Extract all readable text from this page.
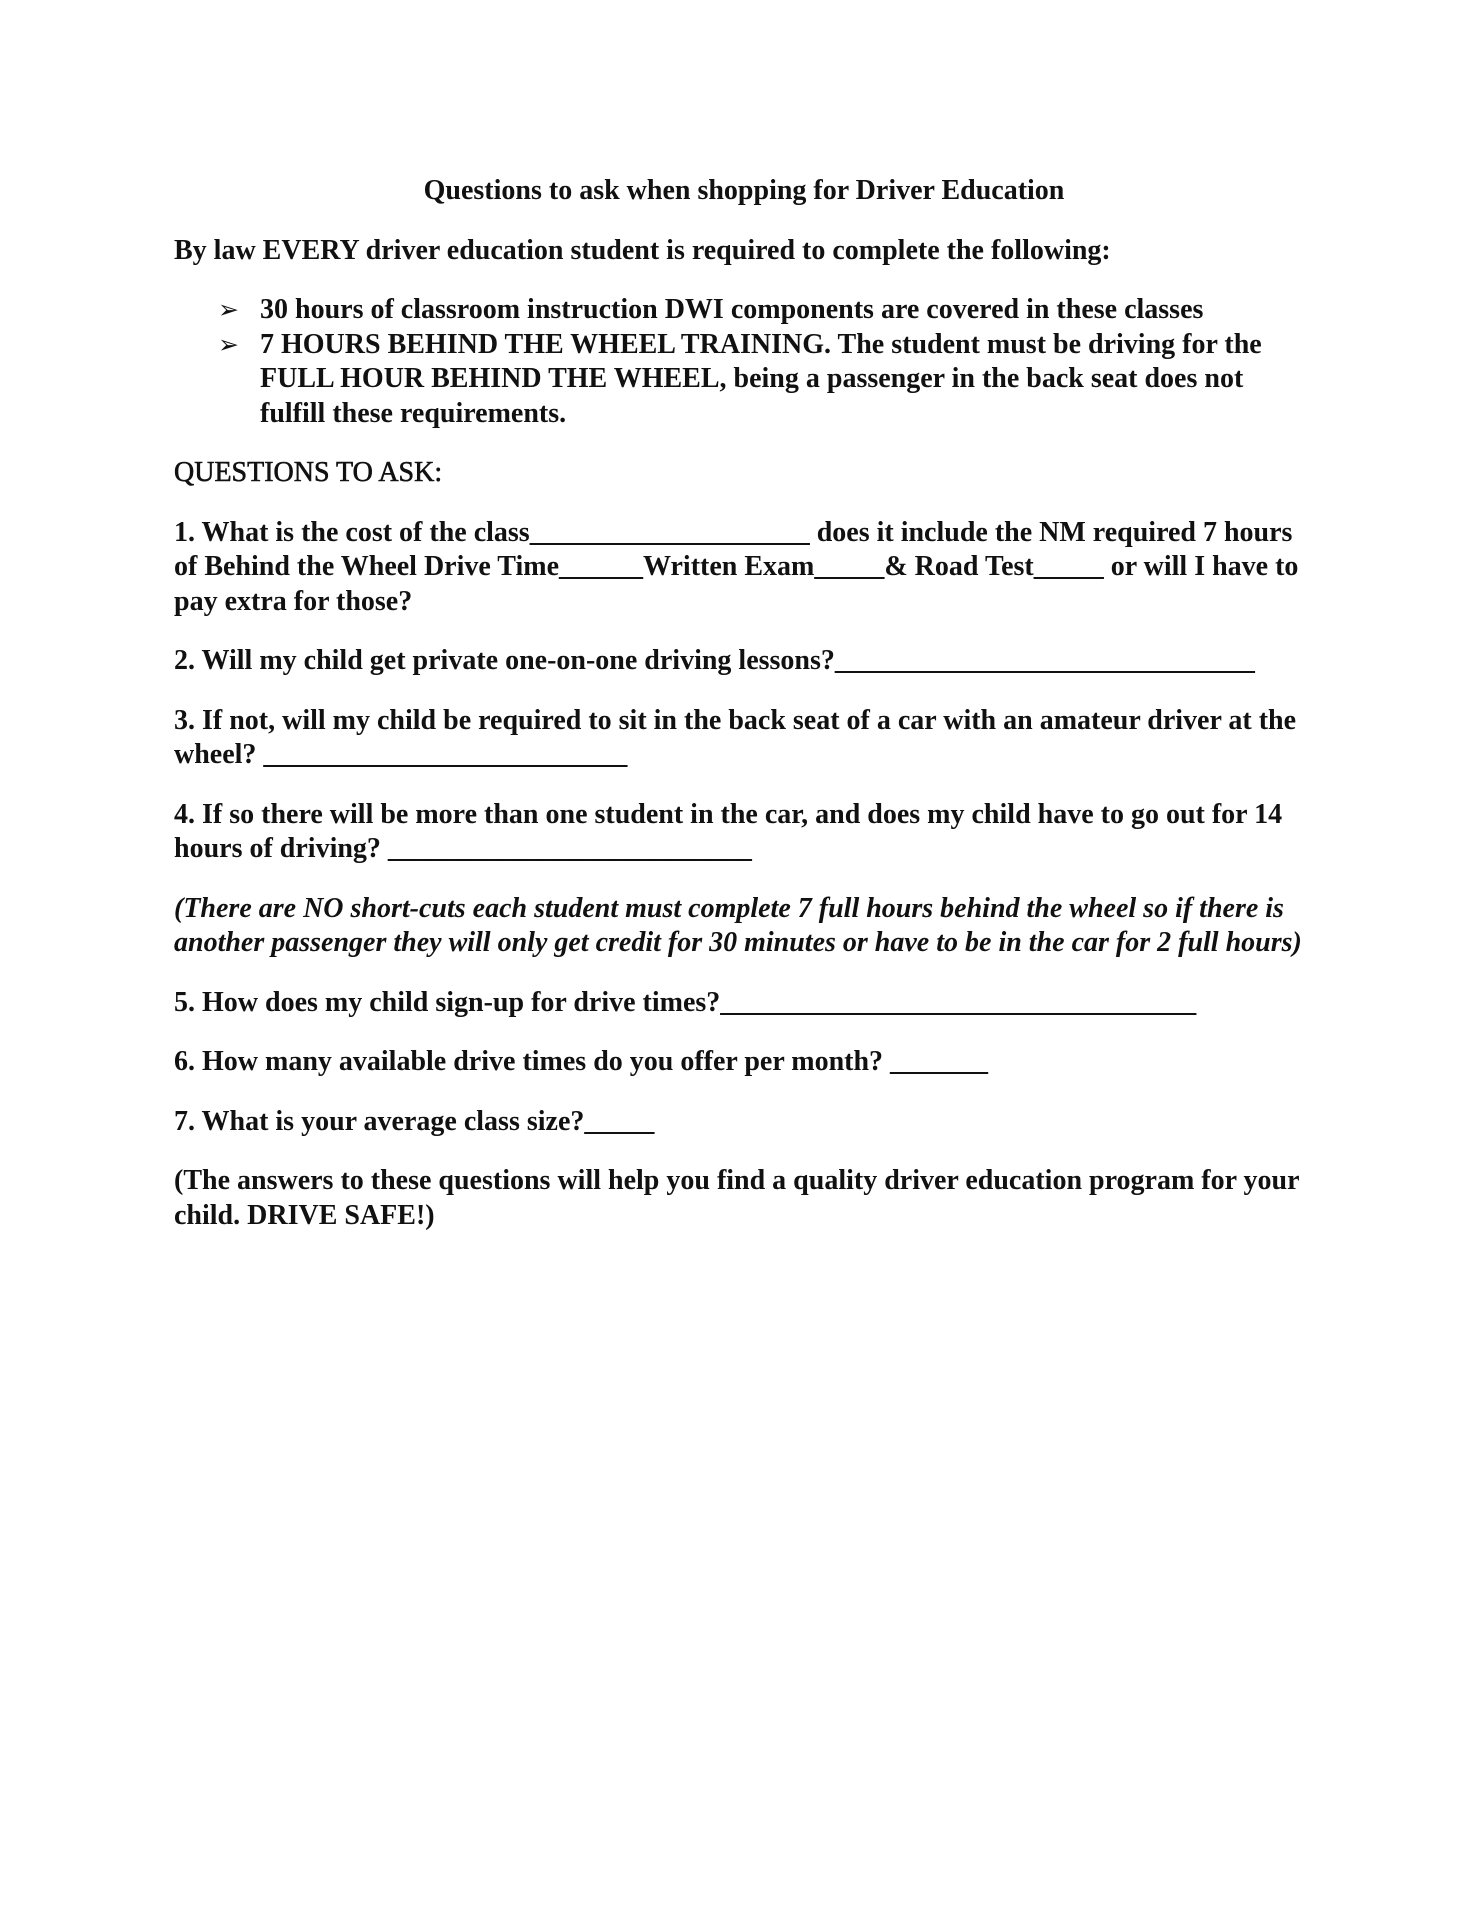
Questions to ask when shopping for Driver Education
By law EVERY driver education student is required to complete the following:
➢ 30 hours of classroom instruction DWI components are covered in these classes
➢ 7 HOURS BEHIND THE WHEEL TRAINING. The student must be driving for the FULL HOUR BEHIND THE WHEEL, being a passenger in the back seat does not fulfill these requirements.
QUESTIONS TO ASK:
1. What is the cost of the class____________________ does it include the NM required 7 hours of Behind the Wheel Drive Time______Written Exam_____& Road Test_____ or will I have to pay extra for those?
2. Will my child get private one-on-one driving lessons?______________________________
3. If not, will my child be required to sit in the back seat of a car with an amateur driver at the wheel? __________________________
4. If so there will be more than one student in the car, and does my child have to go out for 14 hours of driving? __________________________
(There are NO short-cuts each student must complete 7 full hours behind the wheel so if there is another passenger they will only get credit for 30 minutes or have to be in the car for 2 full hours)
5. How does my child sign-up for drive times?__________________________________
6. How many available drive times do you offer per month? _______
7. What is your average class size?_____
(The answers to these questions will help you find a quality driver education program for your child. DRIVE SAFE!)
